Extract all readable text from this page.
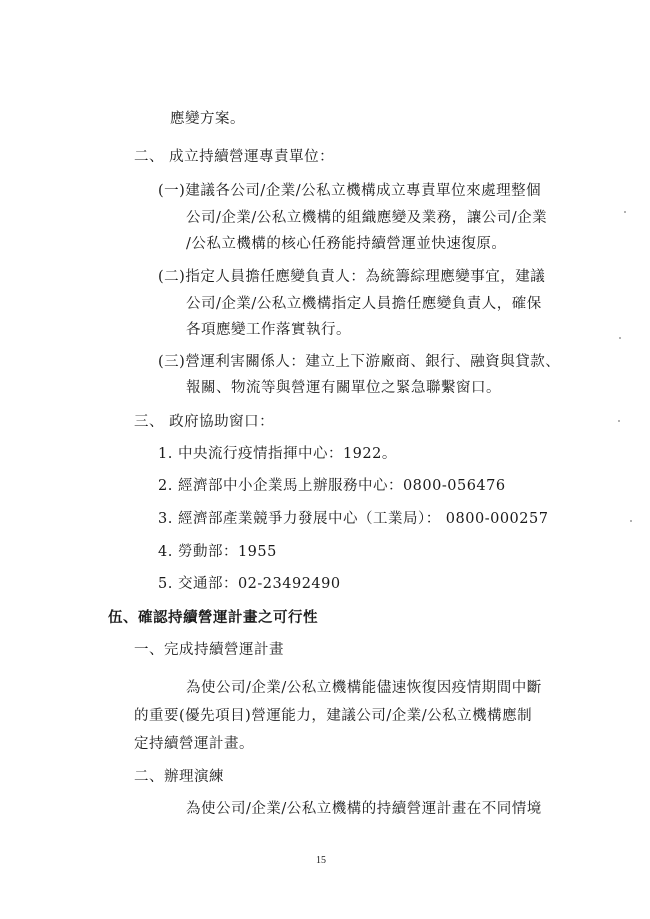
應變方案。
二、 成立持續營運專責單位：
(一)建議各公司/企業/公私立機構成立專責單位來處理整個
公司/企業/公私立機構的組織應變及業務，讓公司/企業
/公私立機構的核心任務能持續營運並快速復原。
(二)指定人員擔任應變負責人：為統籌綜理應變事宜，建議
公司/企業/公私立機構指定人員擔任應變負責人，確保
各項應變工作落實執行。
(三)營運利害關係人：建立上下游廠商、銀行、融資與貸款、
報關、物流等與營運有關單位之緊急聯繫窗口。
三、 政府協助窗口：
1. 中央流行疫情指揮中心：1922。
2. 經濟部中小企業馬上辦服務中心：0800-056476
3. 經濟部產業競爭力發展中心（工業局）： 0800-000257
4. 勞動部：1955
5. 交通部：02-23492490
伍、確認持續營運計畫之可行性
一、完成持續營運計畫
為使公司/企業/公私立機構能儘速恢復因疫情期間中斷
的重要(優先項目)營運能力，建議公司/企業/公私立機構應制
定持續營運計畫。
二、辦理演練
為使公司/企業/公私立機構的持續營運計畫在不同情境
15
